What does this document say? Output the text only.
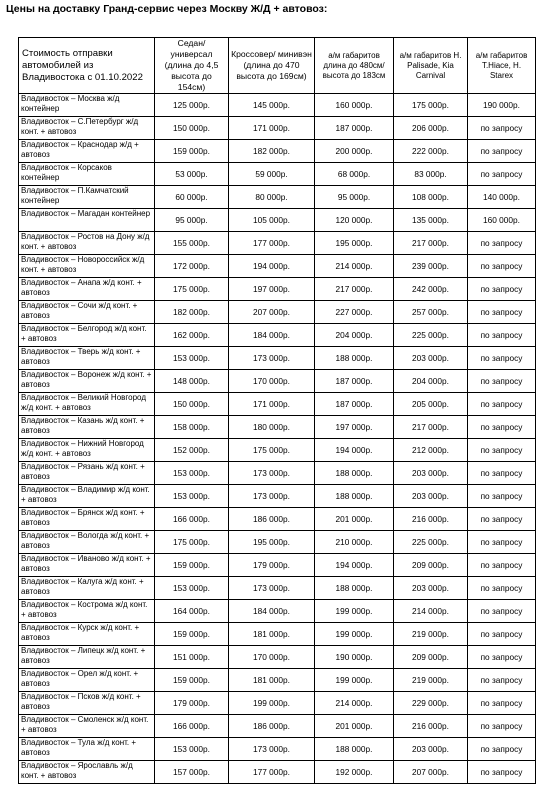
Цены на доставку Гранд-сервис через Москву Ж/Д + автовоз:
Стоимость отправки автомобилей из Владивостока с 01.10.2022	Седан/ универсал (длина до 4,5 высота до 154см)	Кроссовер/ минивэн (длина до 470 высота до 169см)	а/м габаритов длина до 480см/высота до 183см	а/м габаритов H. Palisade, Kia Carnival	а/м габаритов T.Hiace, H. Starex
Владивосток – Москва ж/д контейнер	125 000р.	145 000р.	160 000р.	175 000р.	190 000р.
Владивосток – С.Петербург ж/д конт. + автовоз	150 000р.	171 000р.	187 000р.	206 000р.	по запросу
Владивосток – Краснодар ж/д + автовоз	159 000р.	182 000р.	200 000р.	222 000р.	по запросу
Владивосток – Корсаков контейнер	53 000р.	59 000р.	68 000р.	83 000р.	по запросу
Владивосток – П.Камчатский контейнер	60 000р.	80 000р.	95 000р.	108 000р.	140 000р.
Владивосток – Магадан контейнер	95 000р.	105 000р.	120 000р.	135 000р.	160 000р.
Владивосток – Ростов на Дону ж/д конт. + автовоз	155 000р.	177 000р.	195 000р.	217 000р.	по запросу
Владивосток – Новороссийск ж/д конт. + автовоз	172 000р.	194 000р.	214 000р.	239 000р.	по запросу
Владивосток – Анапа ж/д конт. + автовоз	175 000р.	197 000р.	217 000р.	242 000р.	по запросу
Владивосток – Сочи ж/д конт. + автовоз	182 000р.	207 000р.	227 000р.	257 000р.	по запросу
Владивосток – Белгород ж/д конт. + автовоз	162 000р.	184 000р.	204 000р.	225 000р.	по запросу
Владивосток – Тверь ж/д конт. + автовоз	153 000р.	173 000р.	188 000р.	203 000р.	по запросу
Владивосток – Воронеж ж/д конт. + автовоз	148 000р.	170 000р.	187 000р.	204 000р.	по запросу
Владивосток – Великий Новгород ж/д конт. + автовоз	150 000р.	171 000р.	187 000р.	205 000р.	по запросу
Владивосток – Казань ж/д конт. + автовоз	158 000р.	180 000р.	197 000р.	217 000р.	по запросу
Владивосток – Нижний Новгород ж/д конт. + автовоз	152 000р.	175 000р.	194 000р.	212 000р.	по запросу
Владивосток – Рязань ж/д конт. + автовоз	153 000р.	173 000р.	188 000р.	203 000р.	по запросу
Владивосток – Владимир ж/д конт. + автовоз	153 000р.	173 000р.	188 000р.	203 000р.	по запросу
Владивосток – Брянск ж/д конт. + автовоз	166 000р.	186 000р.	201 000р.	216 000р.	по запросу
Владивосток – Вологда ж/д конт. + автовоз	175 000р.	195 000р.	210 000р.	225 000р.	по запросу
Владивосток – Иваново ж/д конт. + автовоз	159 000р.	179 000р.	194 000р.	209 000р.	по запросу
Владивосток – Калуга ж/д конт. + автовоз	153 000р.	173 000р.	188 000р.	203 000р.	по запросу
Владивосток – Кострома ж/д конт. + автовоз	164 000р.	184 000р.	199 000р.	214 000р.	по запросу
Владивосток – Курск ж/д конт. + автовоз	159 000р.	181 000р.	199 000р.	219 000р.	по запросу
Владивосток – Липецк ж/д конт. + автовоз	151 000р.	170 000р.	190 000р.	209 000р.	по запросу
Владивосток – Орел ж/д конт. + автовоз	159 000р.	181 000р.	199 000р.	219 000р.	по запросу
Владивосток – Псков ж/д конт. + автовоз	179 000р.	199 000р.	214 000р.	229 000р.	по запросу
Владивосток – Смоленск ж/д конт. + автовоз	166 000р.	186 000р.	201 000р.	216 000р.	по запросу
Владивосток – Тула ж/д конт. + автовоз	153 000р.	173 000р.	188 000р.	203 000р.	по запросу
Владивосток – Ярославль ж/д конт. + автовоз	157 000р.	177 000р.	192 000р.	207 000р.	по запросу
